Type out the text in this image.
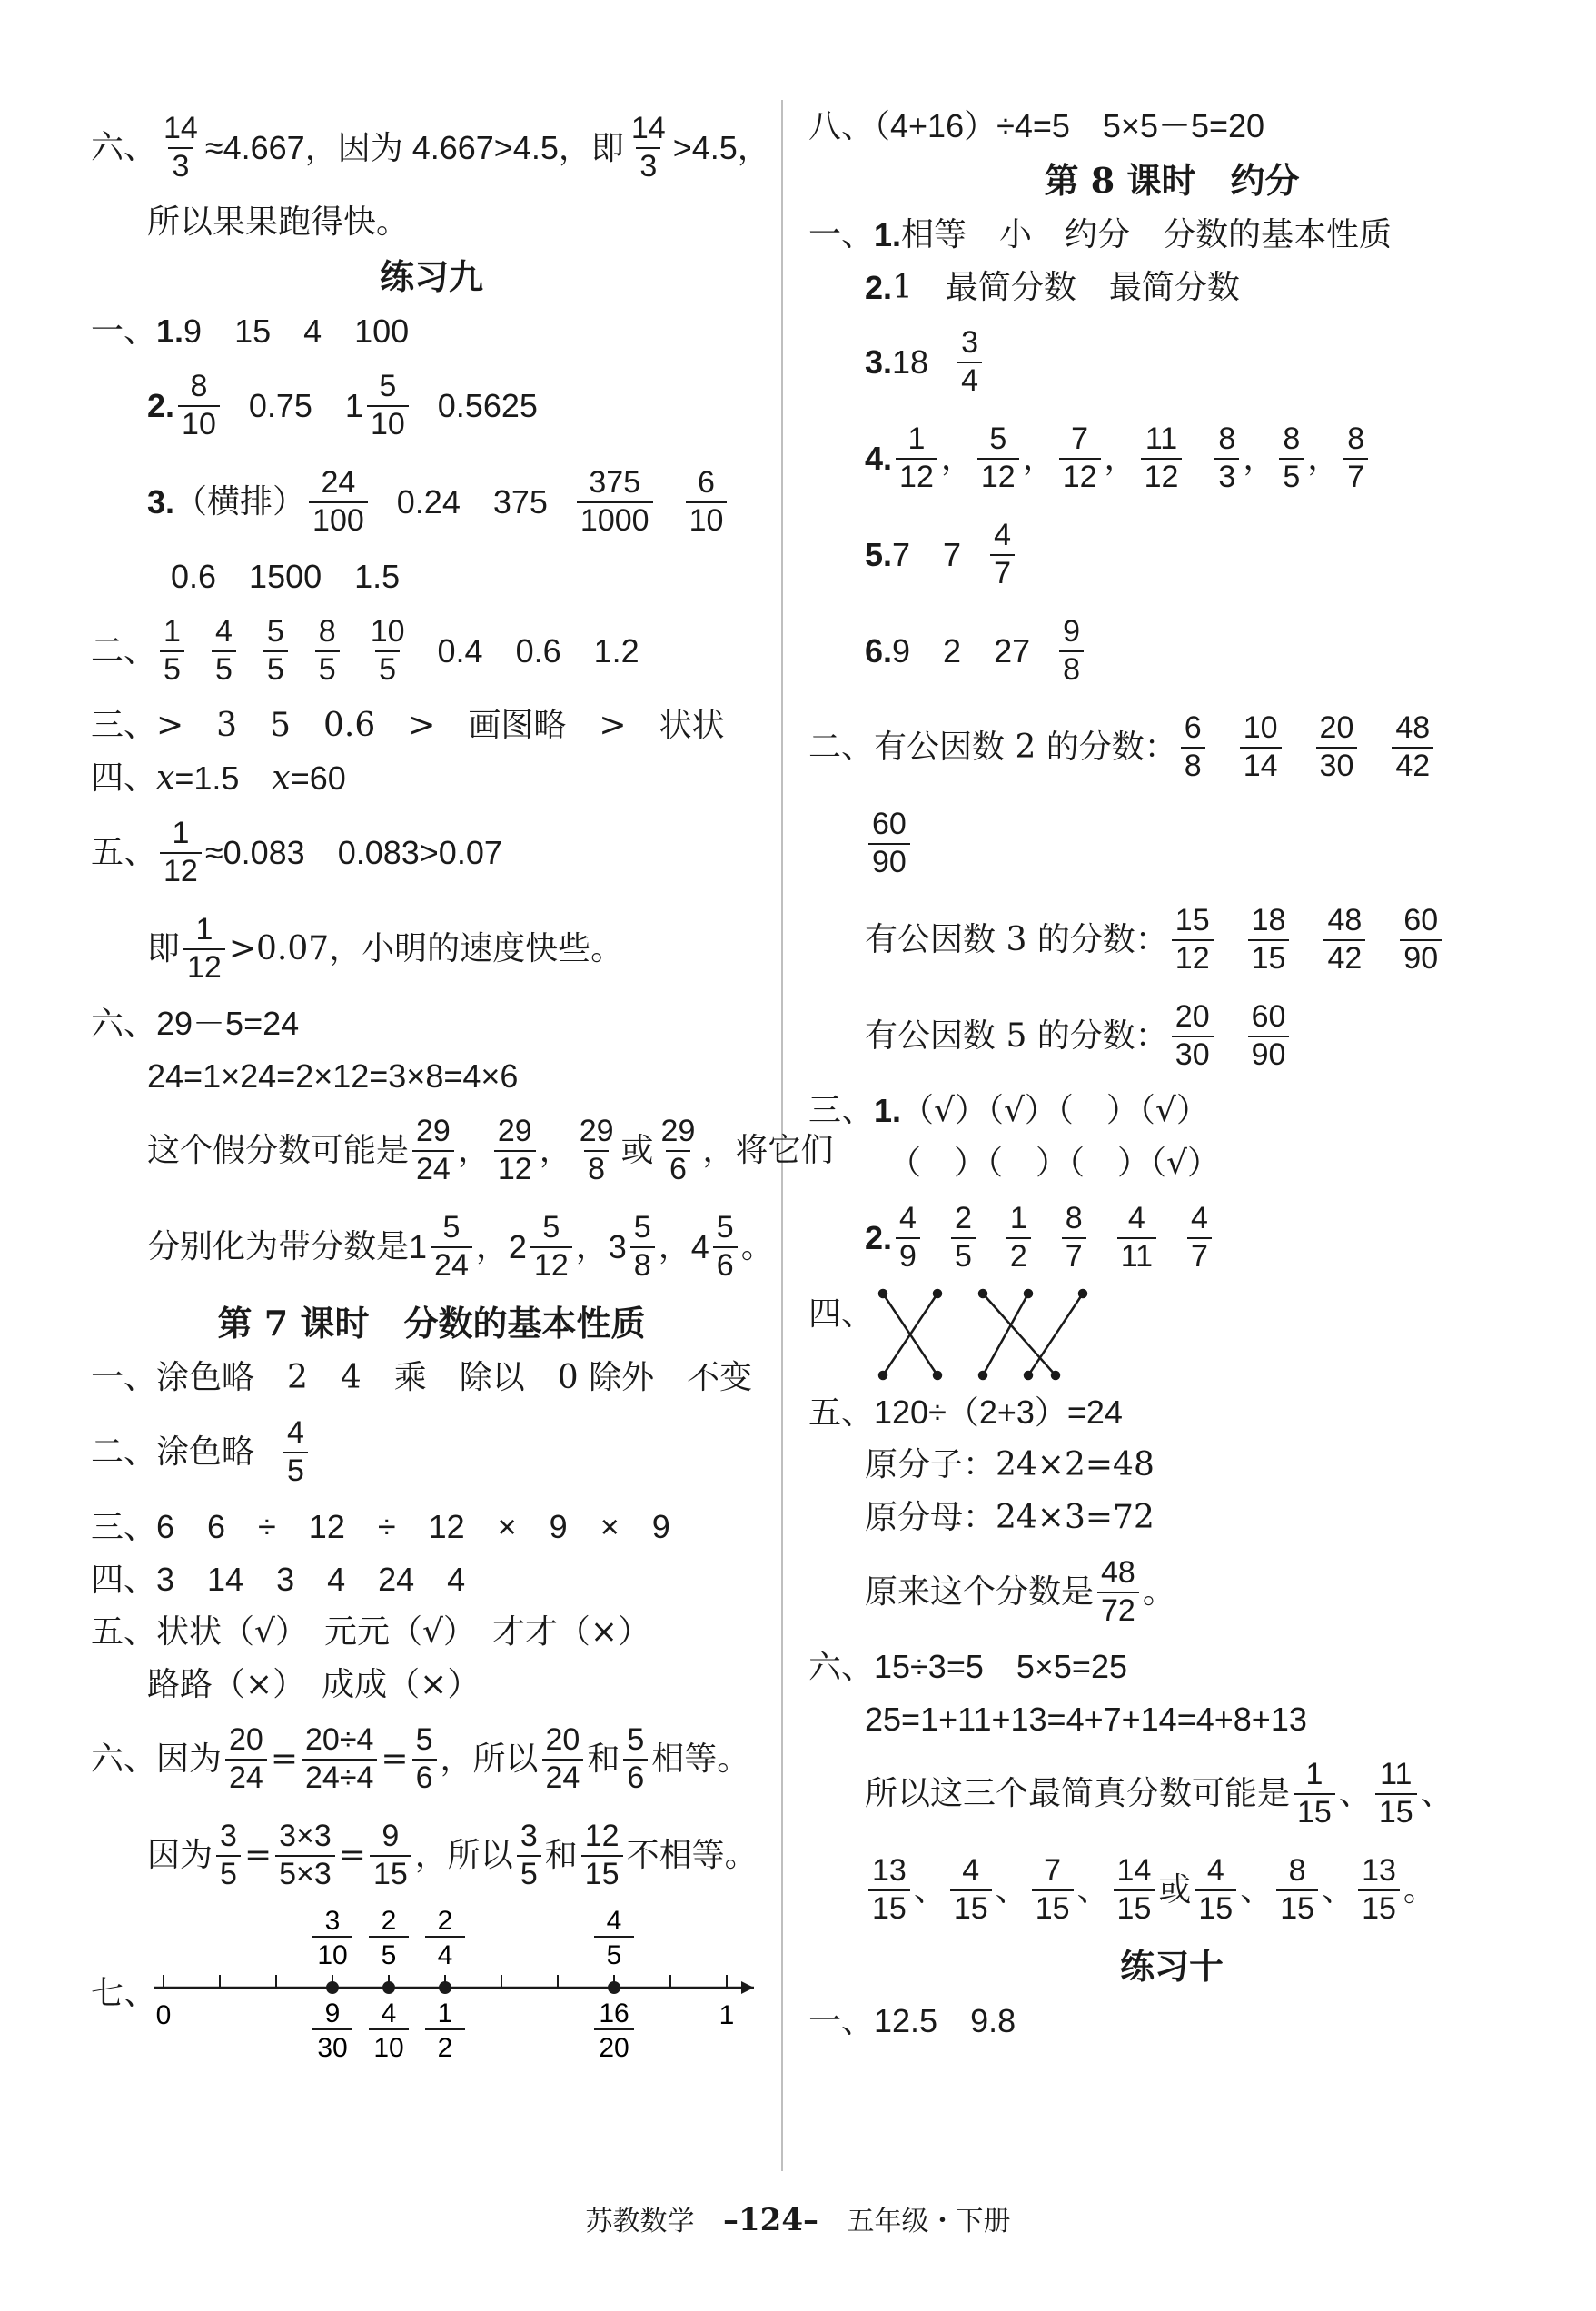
六、 $\frac{14}{3} \approx 4.667$，因为 4.667>4.5，即 $\frac{14}{3} >4.5$，
所以果果跑得快。
练习九
一、 1. 9　15　4　100
2. $\frac{8}{10} 0.75$　$1 \frac{5}{10} 0.5625$
3. （横排） $\frac{24}{100} 0.24$　$375 \frac{375}{1000} \frac{6}{10}$
0.6　1500　1.5
二、 $\frac{1}{5} \frac{4}{5} \frac{5}{5} \frac{8}{5} \frac{10}{5} 0.4$　0.6　1.2
三、>　3　5　0.6　>　画图略　>　状状
四、 x =1.5　 x =60
五、 $\frac{1}{12} \approx 0.083$　0.083>0.07
即 $\frac{1}{12} >0.07$，小明的速度快些。
六、29－5=24
24=1×24=2×12=3×8=4×6
这个假分数可能是 $\frac{29}{24}$ ， $\frac{29}{12}$ ， $\frac{29}{8}$ 或 $\frac{29}{6}$ ，将它们
分别化为带分数是 $1 \frac{5}{24}$ ， $2 \frac{5}{12}$ ， $3 \frac{5}{8}$ ， $4 \frac{5}{6}$ 。
第 7 课时　分数的基本性质
一、涂色略　2　4　乘　除以　0 除外　不变
二、涂色略 $\frac{4}{5}$
三、6　6　÷　12　÷　12　×　9　×　9
四、3　14　3　4　24　4
五、状状（√）　元元（√）　才才（×）
路路（×）　成成（×）
六、因为 $\frac{20}{24} = \frac{20\div 4}{24\div 4} = \frac{5}{6}$ ，所以 $\frac{20}{24}$ 和 $\frac{5}{6}$ 相等。
因为 $\frac{3}{5} = \frac{3\times 3}{5\times 3} = \frac{9}{15}$ ，所以 $\frac{3}{5}$ 和 $\frac{12}{15}$ 不相等。
七、
0	1
3
10
2
5
2
4
4
5
9
30
4
10
1
2
16
20
八、（4+16）÷4=5　5×5－5=20
第 8 课时　约分
一、 1. 相等　小　约分　分数的基本性质
2. 1　最简分数　最简分数
3. $18 \frac{3}{4}$
4. $\frac{1}{12}$ ， $\frac{5}{12}$ ， $\frac{7}{12}$ ， $\frac{11}{12} \frac{8}{3}$ ， $\frac{8}{5}$ ， $\frac{8}{7}$
5. 7　$7 \frac{4}{7}$
6. 9　2　$27 \frac{9}{8}$
二、有公因数 2 的分数： $\frac{6}{8} \frac{10}{14} \frac{20}{30} \frac{48}{42}$
$\frac{60}{90}$
有公因数 3 的分数： $\frac{15}{12} \frac{18}{15} \frac{48}{42} \frac{60}{90}$
有公因数 5 的分数： $\frac{20}{30} \frac{60}{90}$
三、 1. （√）（√）（　）（√）
（　）（　）（　）（√）
2. $\frac{4}{9} \frac{2}{5} \frac{1}{2} \frac{8}{7} \frac{4}{11} \frac{4}{7}$
四、
五、120÷（2+3）=24
原分子：24×2=48
原分母：24×3=72
原来这个分数是 $\frac{48}{72}$ 。
六、15÷3=5　5×5=25
25=1+11+13=4+7+14=4+8+13
所以这三个最简真分数可能是 $\frac{1}{15}$ 、 $\frac{11}{15}$ 、
$\frac{13}{15}$ 、 $\frac{4}{15}$ 、 $\frac{7}{15}$ 、 $\frac{14}{15}$ 或 $\frac{4}{15}$ 、 $\frac{8}{15}$ 、 $\frac{13}{15}$ 。
练习十
一、12.5　9.8
苏教数学 –124– 五年级・下册
